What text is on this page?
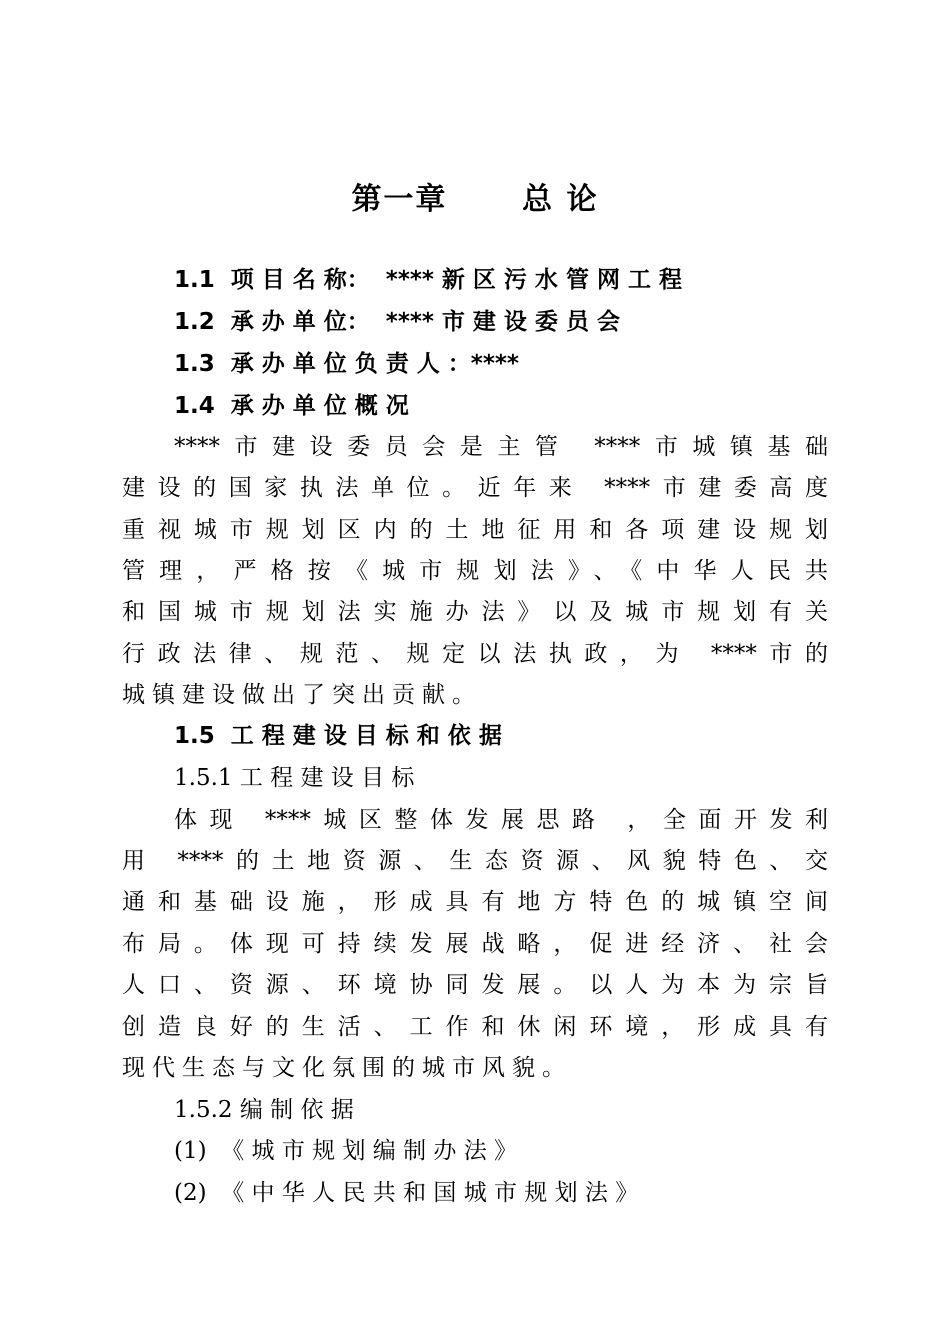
第一章      总 论
1.1  项 目 名 称：  **** 新 区 污 水 管 网 工 程
1.2  承 办 单 位：  **** 市 建 设 委 员 会
1.3  承 办 单 位 负 责 人 ：****
1.4  承 办 单 位 概 况
****市建设委员会是主管 ****市城镇基础
建设的国家执法单位。近年来 ****市建委高度
重视城市规划区内的土地征用和各项建设规划
管理，严格按《城市规划法》、《中华人民共
和国城市规划法实施办法》以及城市规划有关
行政法律、规范、规定以法执政，为 ****市的
城镇建设做出了突出贡献。
1.5  工 程 建 设 目 标 和 依 据
1.5.1 工 程 建 设 目 标
体现 ****城区整体发展思路 ，全面开发利
用 ****的土地资源、生态资源、风貌特色、交
通和基础设施，形成具有地方特色的城镇空间
布局。体现可持续发展战略，促进经济、社会
人口、资源、环境协同发展。以人为本为宗旨
创造良好的生活、工作和休闲环境，形成具有
现代生态与文化氛围的城市风貌。
1.5.2 编 制 依 据
(1)  《 城 市 规 划 编 制 办 法 》
(2)  《 中 华 人 民 共 和 国 城 市 规 划 法 》
